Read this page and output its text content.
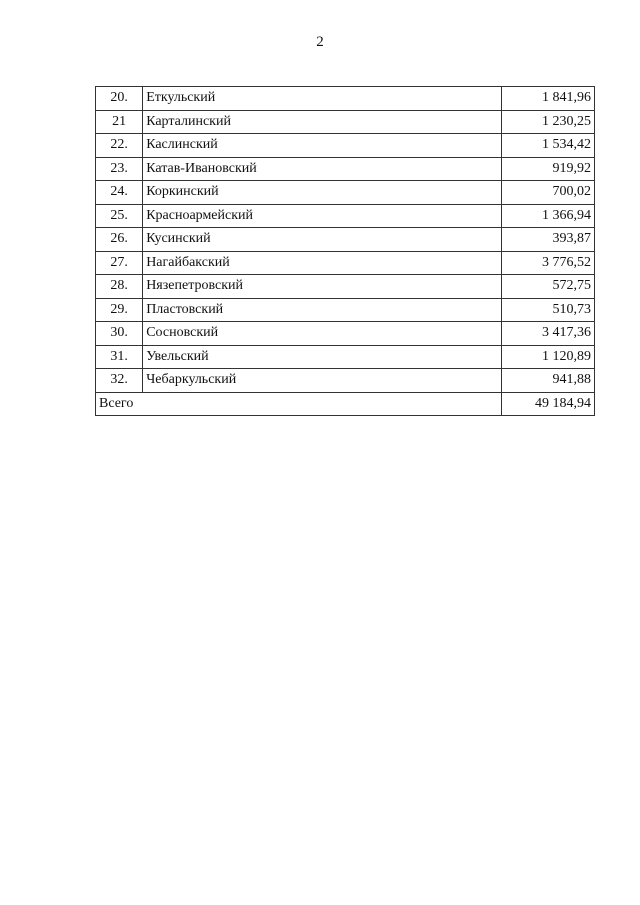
2
20.	Еткульский	1 841,96
21	Карталинский	1 230,25
22.	Каслинский	1 534,42
23.	Катав-Ивановский	919,92
24.	Коркинский	700,02
25.	Красноармейский	1 366,94
26.	Кусинский	393,87
27.	Нагайбакский	3 776,52
28.	Нязепетровский	572,75
29.	Пластовский	510,73
30.	Сосновский	3 417,36
31.	Увельский	1 120,89
32.	Чебаркульский	941,88
Всего		49 184,94
